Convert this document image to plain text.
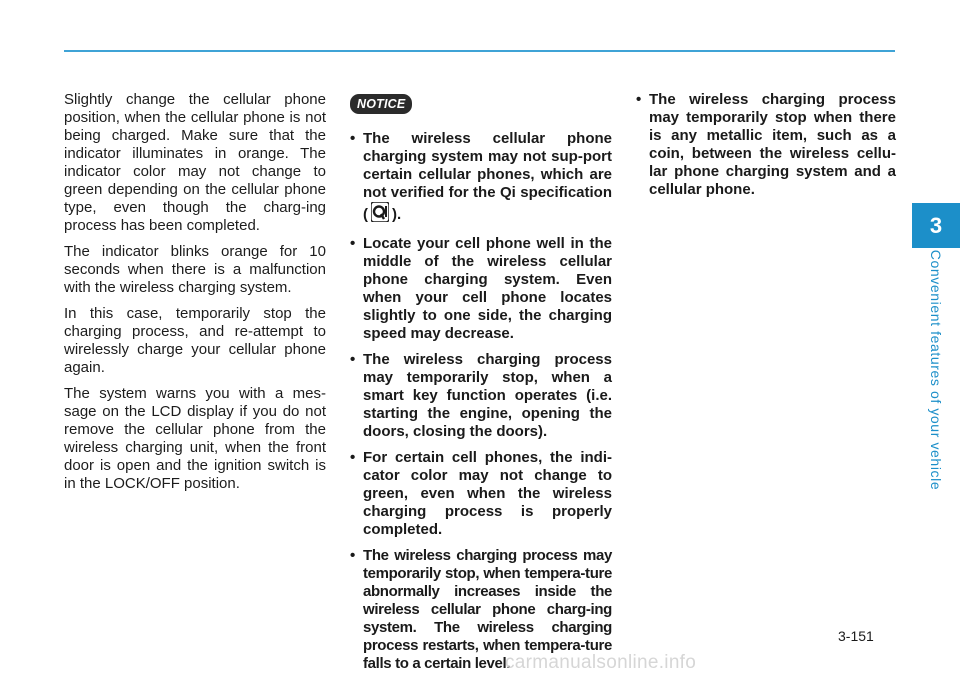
Slightly change the cellular phone position, when the cellular phone is not being charged. Make sure that the indicator illuminates in orange. The indicator color may not change to green depending on the cellular phone type, even though the charg-ing process has been completed.

The indicator blinks orange for 10 seconds when there is a malfunction with the wireless charging system.

In this case, temporarily stop the charging process, and re-attempt to wirelessly charge your cellular phone again.

The system warns you with a mes-sage on the LCD display if you do not remove the cellular phone from the wireless charging unit, when the front door is open and the ignition switch is in the LOCK/OFF position.

NOTICE
• The wireless cellular phone charging system may not sup-port certain cellular phones, which are not verified for the Qi specification ( ).
• Locate your cell phone well in the middle of the wireless cellular phone charging system. Even when your cell phone locates slightly to one side, the charging speed may decrease.
• The wireless charging process may temporarily stop, when a smart key function operates (i.e. starting the engine, opening the doors, closing the doors).
• For certain cell phones, the indi-cator color may not change to green, even when the wireless charging process is properly completed.
• The wireless charging process may temporarily stop, when tempera-ture abnormally increases inside the wireless cellular phone charg-ing system. The wireless charging process restarts, when tempera-ture falls to a certain level.
• The wireless charging process may temporarily stop when there is any metallic item, such as a coin, between the wireless cellu-lar phone charging system and a cellular phone.
3
Convenient features of your vehicle
3-151
carmanualsonline.info
